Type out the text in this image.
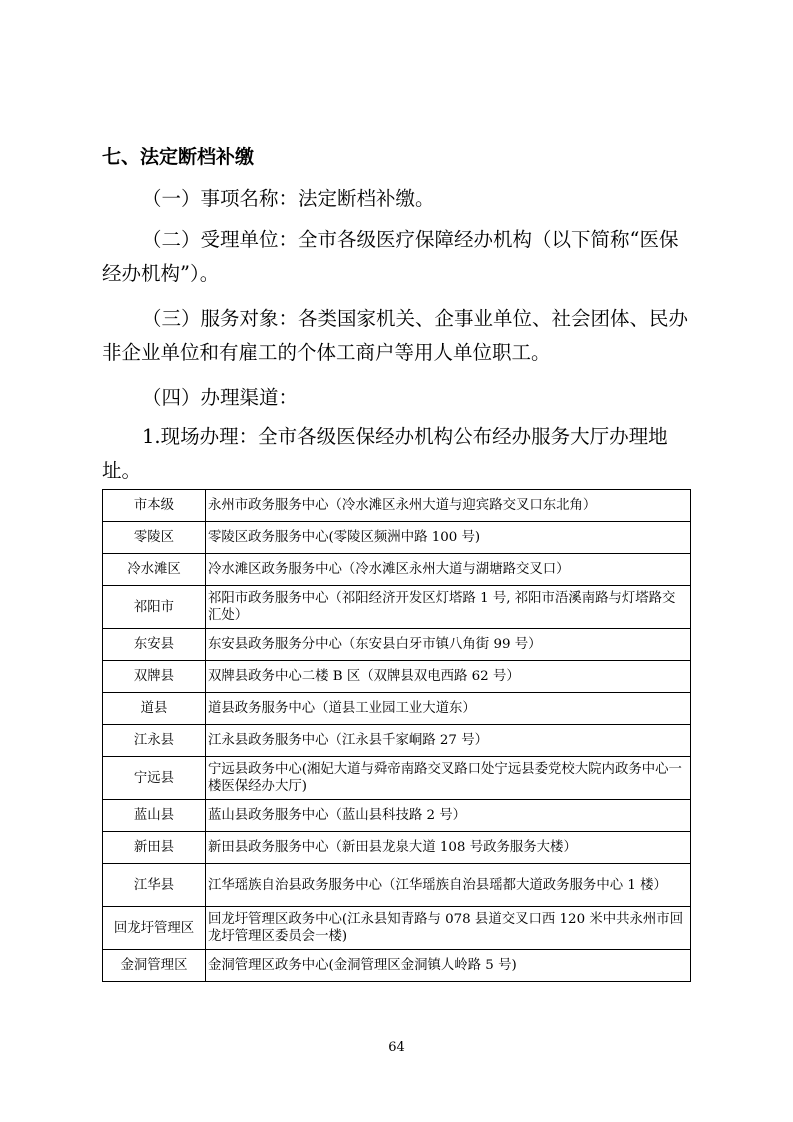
七、法定断档补缴

（一）事项名称：法定断档补缴。

（二）受理单位：全市各级医疗保障经办机构（以下简称“医保经办机构”）。

（三）服务对象：各类国家机关、企事业单位、社会团体、民办非企业单位和有雇工的个体工商户等用人单位职工。

（四）办理渠道：

1.现场办理：全市各级医保经办机构公布经办服务大厅办理地址。

市本级	永州市政务服务中心（冷水滩区永州大道与迎宾路交叉口东北角）
零陵区	零陵区政务服务中心(零陵区频洲中路 100 号)
冷水滩区	冷水滩区政务服务中心（冷水滩区永州大道与湖塘路交叉口）
祁阳市	祁阳市政务服务中心（祁阳经济开发区灯塔路 1 号, 祁阳市浯溪南路与灯塔路交汇处）
东安县	东安县政务服务分中心（东安县白牙市镇八角街 99 号）
双牌县	双牌县政务中心二楼 B 区（双牌县双电西路 62 号）
道县	道县政务服务中心（道县工业园工业大道东）
江永县	江永县政务服务中心（江永县千家峒路 27 号）
宁远县	宁远县政务中心(湘妃大道与舜帝南路交叉路口处宁远县委党校大院内政务中心一楼医保经办大厅)
蓝山县	蓝山县政务服务中心（蓝山县科技路 2 号）
新田县	新田县政务服务中心（新田县龙泉大道 108 号政务服务大楼）
江华县	江华瑶族自治县政务服务中心（江华瑶族自治县瑶都大道政务服务中心 1 楼）
回龙圩管理区	回龙圩管理区政务中心(江永县知青路与 078 县道交叉口西 120 米中共永州市回龙圩管理区委员会一楼)
金洞管理区	金洞管理区政务中心(金洞管理区金洞镇人岭路 5 号)
64
